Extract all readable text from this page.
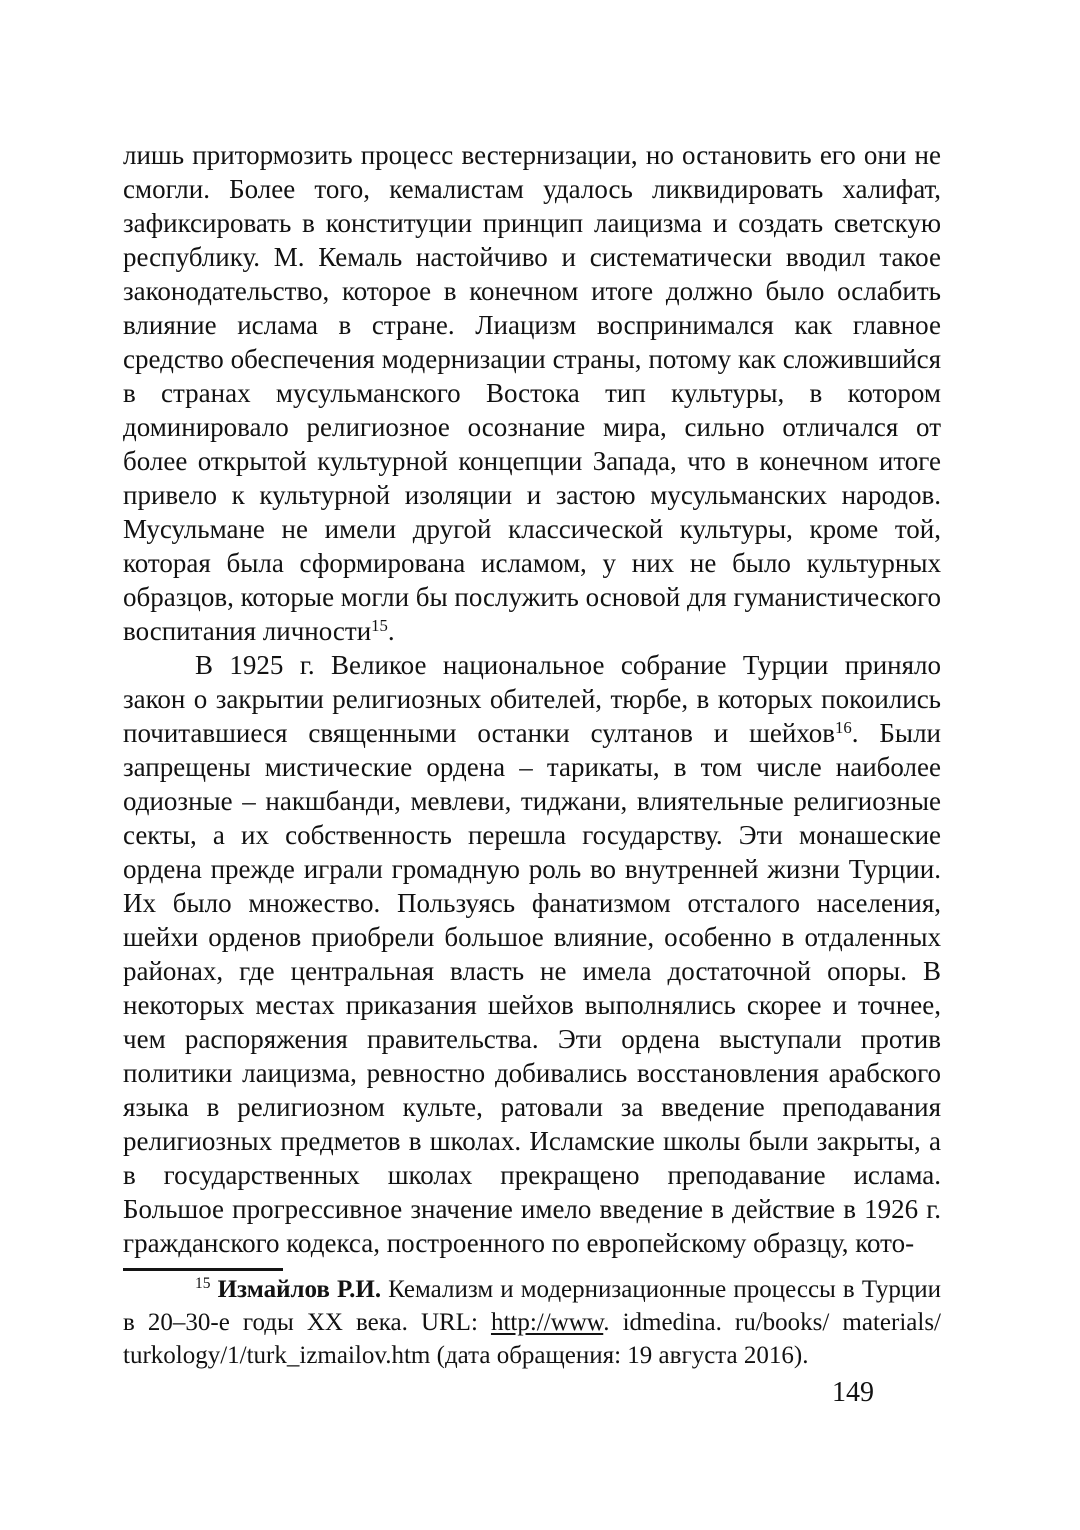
лишь притормозить процесс вестернизации, но остановить его они не смогли. Более того, кемалистам удалось ликвидировать халифат, зафиксировать в конституции принцип лаицизма и создать светскую республику. М. Кемаль настойчиво и систематически вводил такое законодательство, которое в конечном итоге должно было ослабить влияние ислама в стране. Лиацизм воспринимался как главное средство обеспечения модернизации страны, потому как сложившийся в странах мусульманского Востока тип культуры, в котором доминировало религиозное осознание мира, сильно отличался от более открытой культурной концепции Запада, что в конечном итоге привело к культурной изоляции и застою мусульманских народов. Мусульмане не имели другой классической культуры, кроме той, которая была сформирована исламом, у них не было культурных образцов, которые могли бы послужить основой для гуманистического воспитания личности$^{15}$.

В 1925 г. Великое национальное собрание Турции приняло закон о закрытии религиозных обителей, тюрбе, в которых покоились почитавшиеся священными останки султанов и шейхов$^{16}$. Были запрещены мистические ордена – тарикаты, в том числе наиболее одиозные – накшбанди, мевлеви, тиджани, влиятельные религиозные секты, а их собственность перешла государству. Эти монашеские ордена прежде играли громадную роль во внутренней жизни Турции. Их было множество. Пользуясь фанатизмом отсталого населения, шейхи орденов приобрели большое влияние, особенно в отдаленных районах, где центральная власть не имела достаточной опоры. В некоторых местах приказания шейхов выполнялись скорее и точнее, чем распоряжения правительства. Эти ордена выступали против политики лаицизма, ревностно добивались восстановления арабского языка в религиозном культе, ратовали за введение преподавания религиозных предметов в школах. Исламские школы были закрыты, а в государственных школах прекращено преподавание ислама. Большое прогрессивное значение имело введение в действие в 1926 г. гражданского кодекса, построенного по европейскому образцу, кото-

$^{15}$ Измайлов Р.И. Кемализм и модернизационные процессы в Турции в 20–30-е годы XX века. URL: http://www. idmedina. ru/books/ materials/ turkology/1/turk_izmailov.htm (дата обращения: 19 августа 2016).

149
